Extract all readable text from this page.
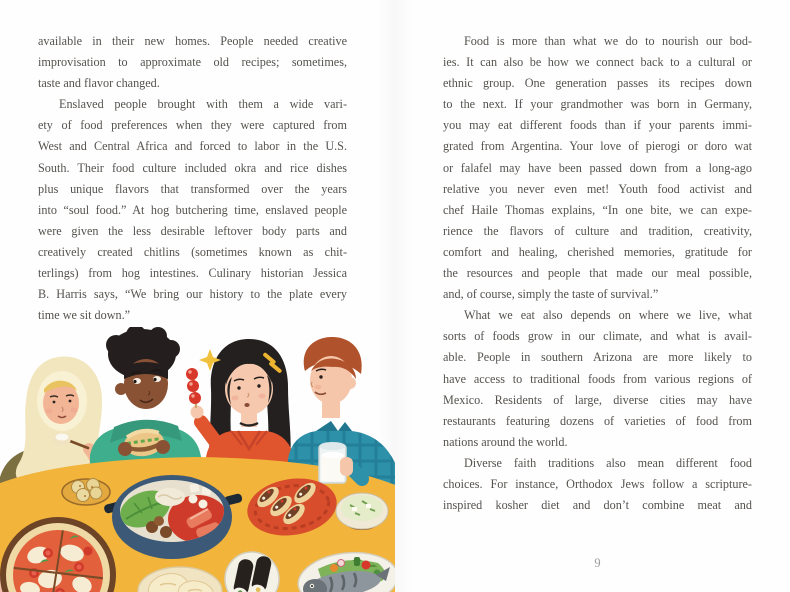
available in their new homes. People needed creative
improvisation to approximate old recipes; sometimes,
taste and flavor changed.
Enslaved people brought with them a wide vari-
ety of food preferences when they were captured from
West and Central Africa and forced to labor in the U.S.
South. Their food culture included okra and rice dishes
plus unique flavors that transformed over the years
into “soul food.” At hog butchering time, enslaved people
were given the less desirable leftover body parts and
creatively created chitlins (sometimes known as chit-
terlings) from hog intestines. Culinary historian Jessica
B. Harris says, “We bring our history to the plate every
time we sit down.”
Food is more than what we do to nourish our bod-
ies. It can also be how we connect back to a cultural or
ethnic group. One generation passes its recipes down
to the next. If your grandmother was born in Germany,
you may eat different foods than if your parents immi-
grated from Argentina. Your love of pierogi or doro wat
or falafel may have been passed down from a long-ago
relative you never even met! Youth food activist and
chef Haile Thomas explains, “In one bite, we can expe-
rience the flavors of culture and tradition, creativity,
comfort and healing, cherished memories, gratitude for
the resources and people that made our meal possible,
and, of course, simply the taste of survival.”
What we eat also depends on where we live, what
sorts of foods grow in our climate, and what is avail-
able. People in southern Arizona are more likely to
have access to traditional foods from various regions of
Mexico. Residents of large, diverse cities may have
restaurants featuring dozens of varieties of food from
nations around the world.
Diverse faith traditions also mean different food
choices. For instance, Orthodox Jews follow a scripture-
inspired kosher diet and don’t combine meat and
9
